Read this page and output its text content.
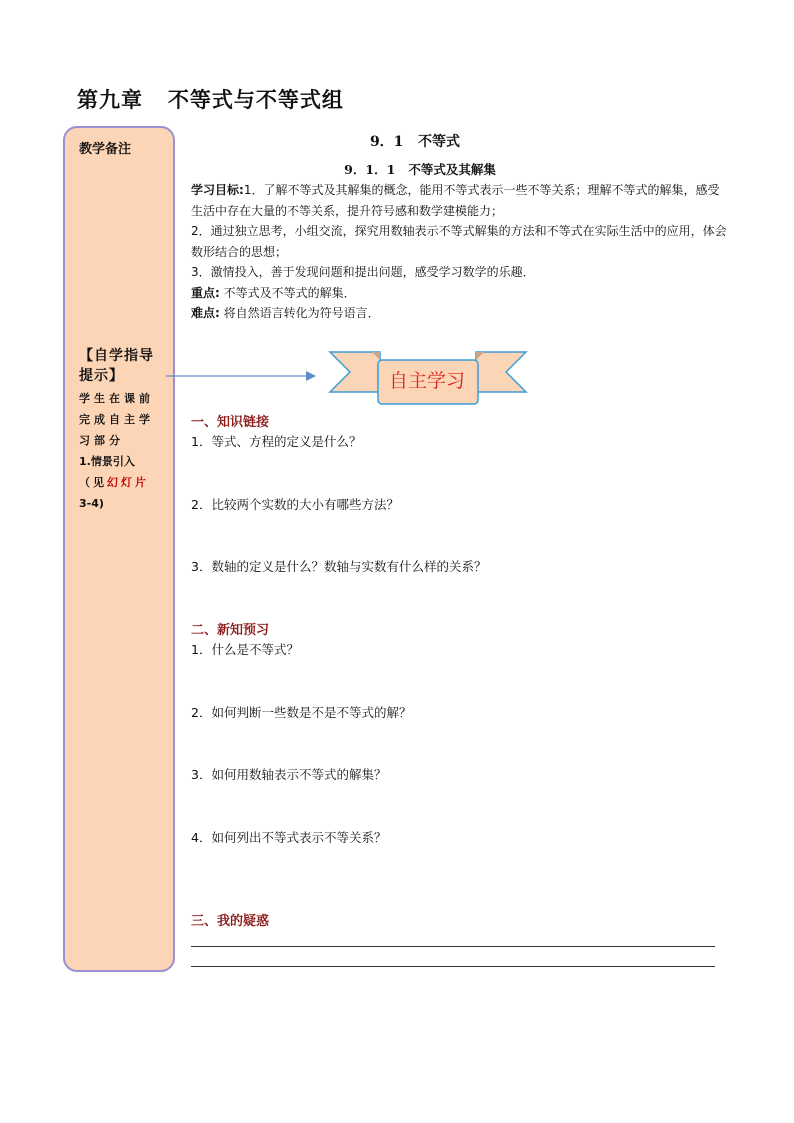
第九章   不等式与不等式组
教学备注
【自学指导提示】
学生在课前完成自主学习部分
1.情景引入
（见幻灯片
3-4)
9．1   不等式
9．1．1   不等式及其解集
学习目标:1．了解不等式及其解集的概念，能用不等式表示一些不等关系；理解不等式的解集，感受生活中存在大量的不等关系，提升符号感和数学建模能力；
2．通过独立思考，小组交流，探究用数轴表示不等式解集的方法和不等式在实际生活中的应用，体会数形结合的思想；
3．激情投入，善于发现问题和提出问题，感受学习数学的乐趣．
重点: 不等式及不等式的解集．
难点: 将自然语言转化为符号语言．
自主学习
一、知识链接
1．等式、方程的定义是什么？
2．比较两个实数的大小有哪些方法？
3．数轴的定义是什么？数轴与实数有什么样的关系？
二、新知预习
1．什么是不等式？
2．如何判断一些数是不是不等式的解？
3．如何用数轴表示不等式的解集？
4．如何列出不等式表示不等关系？
三、我的疑惑
